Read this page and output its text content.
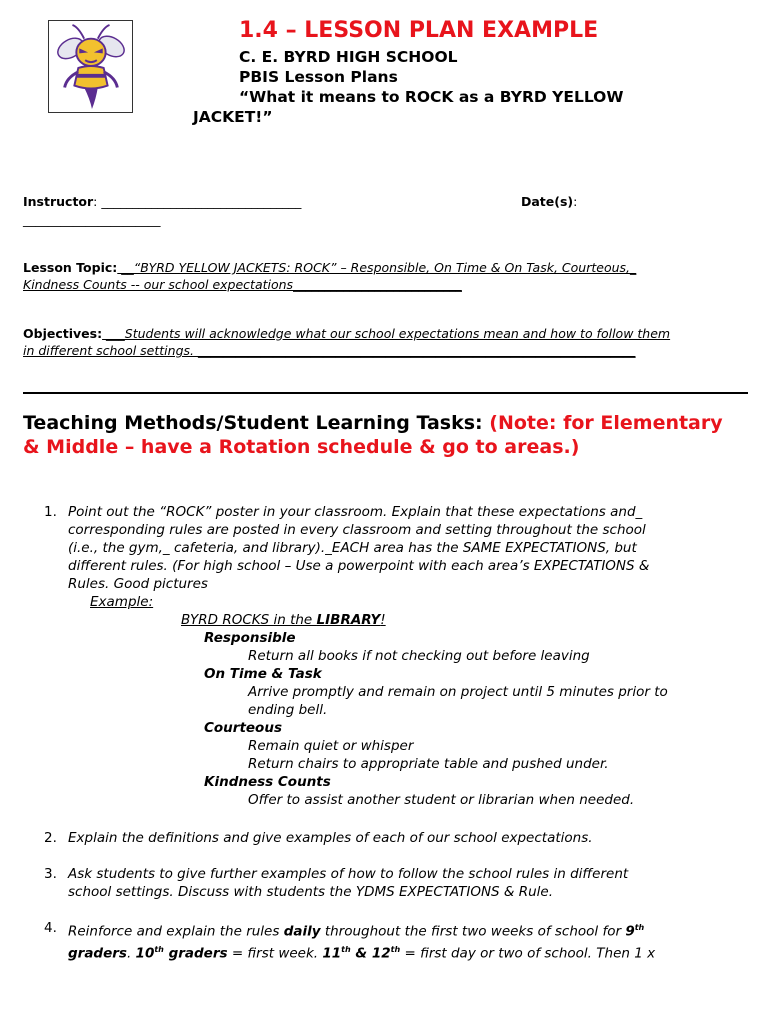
1.4 – LESSON PLAN EXAMPLE
C. E. BYRD HIGH SCHOOL
PBIS Lesson Plans
“What it means to ROCK as a BYRD YELLOW
JACKET!”
Instructor: ________________________________	Date(s):
______________________
Lesson Topic: __“BYRD YELLOW JACKETS: ROCK” – Responsible, On Time & On Task, Courteous,_
Kindness Counts -- our school expectations___________________________
Objectives: ___Students will acknowledge what our school expectations mean and how to follow them
in different school settings. ______________________________________________________________________
Teaching Methods/Student Learning Tasks: (Note: for Elementary & Middle – have a Rotation schedule & go to areas.)
1. Point out the “ROCK” poster in your classroom. Explain that these expectations and_
corresponding rules are posted in every classroom and setting throughout the school
(i.e., the gym,_ cafeteria, and library)._EACH area has the SAME EXPECTATIONS, but
different rules. (For high school – Use a powerpoint with each area’s EXPECTATIONS &
Rules. Good pictures
Example:
BYRD ROCKS in the LIBRARY!
Responsible
Return all books if not checking out before leaving
On Time & Task
Arrive promptly and remain on project until 5 minutes prior to
ending bell.
Courteous
Remain quiet or whisper
Return chairs to appropriate table and pushed under.
Kindness Counts
Offer to assist another student or librarian when needed.
2. Explain the definitions and give examples of each of our school expectations.
3. Ask students to give further examples of how to follow the school rules in different
school settings. Discuss with students the YDMS EXPECTATIONS & Rule.
4. Reinforce and explain the rules daily throughout the first two weeks of school for 9th
graders. 10th graders = first week. 11th & 12th = first day or two of school. Then 1 x
